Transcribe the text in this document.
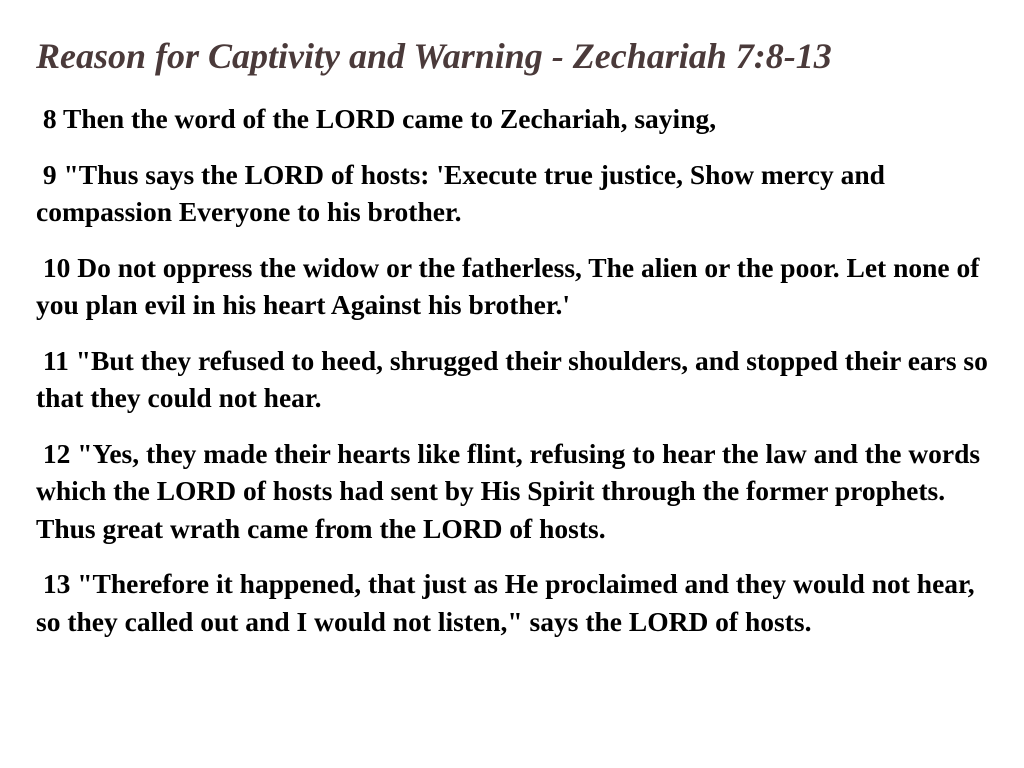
Reason for Captivity and Warning - Zechariah 7:8-13

8 Then the word of the LORD came to Zechariah, saying,

9 "Thus says the LORD of hosts: 'Execute true justice, Show mercy and compassion Everyone to his brother.

10 Do not oppress the widow or the fatherless, The alien or the poor. Let none of you plan evil in his heart Against his brother.'

11 "But they refused to heed, shrugged their shoulders, and stopped their ears so that they could not hear.

12 "Yes, they made their hearts like flint, refusing to hear the law and the words which the LORD of hosts had sent by His Spirit through the former prophets. Thus great wrath came from the LORD of hosts.

13 "Therefore it happened, that just as He proclaimed and they would not hear, so they called out and I would not listen," says the LORD of hosts.
